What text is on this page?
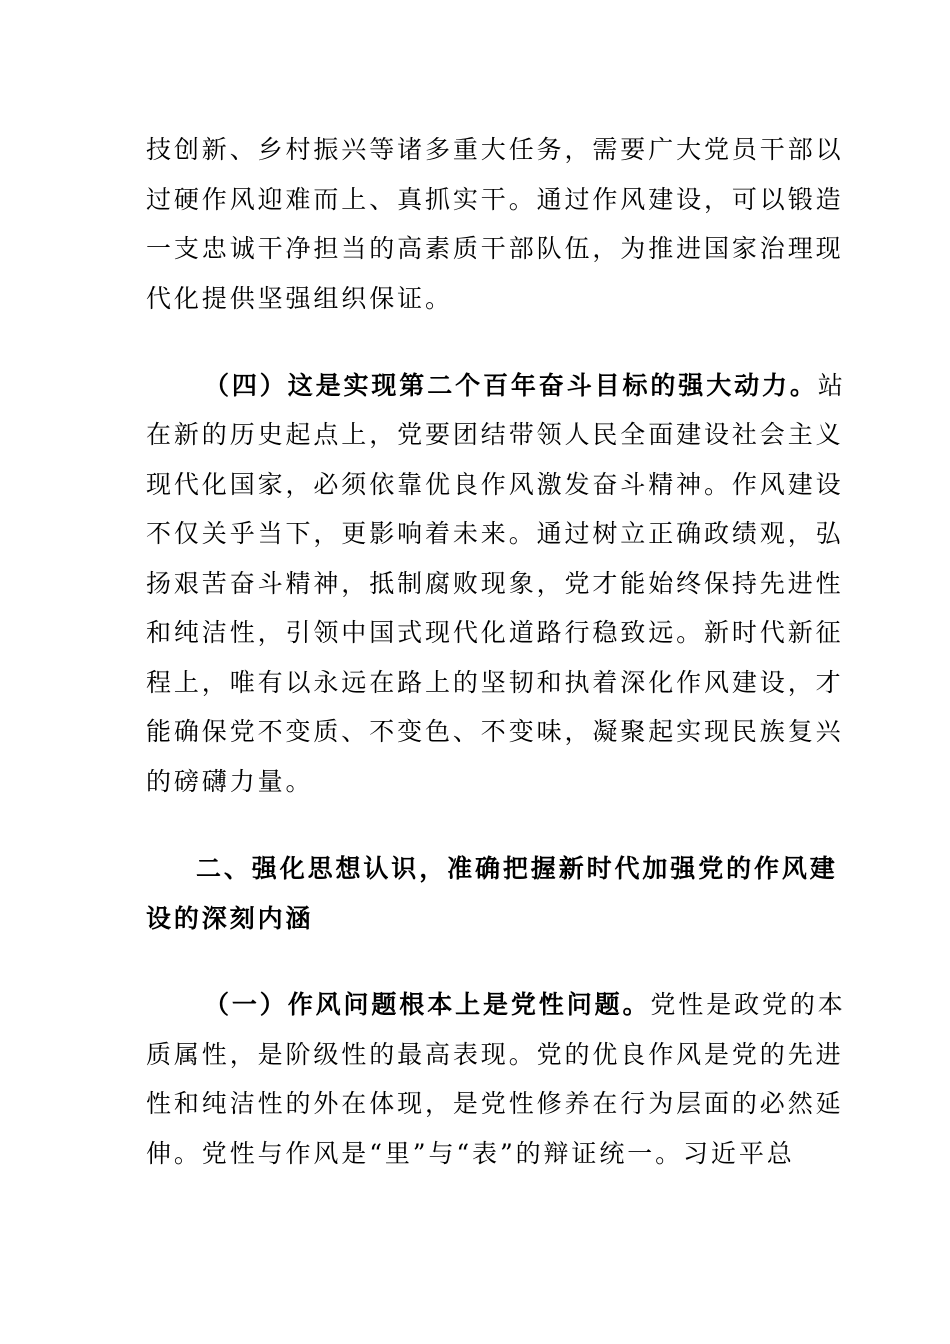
技创新、乡村振兴等诸多重大任务，需要广大党员干部以
过硬作风迎难而上、真抓实干。通过作风建设，可以锻造
一支忠诚干净担当的高素质干部队伍，为推进国家治理现
代化提供坚强组织保证。
（四）这是实现第二个百年奋斗目标的强大动力。站
在新的历史起点上，党要团结带领人民全面建设社会主义
现代化国家，必须依靠优良作风激发奋斗精神。作风建设
不仅关乎当下，更影响着未来。通过树立正确政绩观，弘
扬艰苦奋斗精神，抵制腐败现象，党才能始终保持先进性
和纯洁性，引领中国式现代化道路行稳致远。新时代新征
程上，唯有以永远在路上的坚韧和执着深化作风建设，才
能确保党不变质、不变色、不变味，凝聚起实现民族复兴
的磅礴力量。
二、强化思想认识，准确把握新时代加强党的作风建
设的深刻内涵
（一）作风问题根本上是党性问题。党性是政党的本
质属性，是阶级性的最高表现。党的优良作风是党的先进
性和纯洁性的外在体现，是党性修养在行为层面的必然延
伸。党性与作风是“里”与“表”的辩证统一。习近平总
